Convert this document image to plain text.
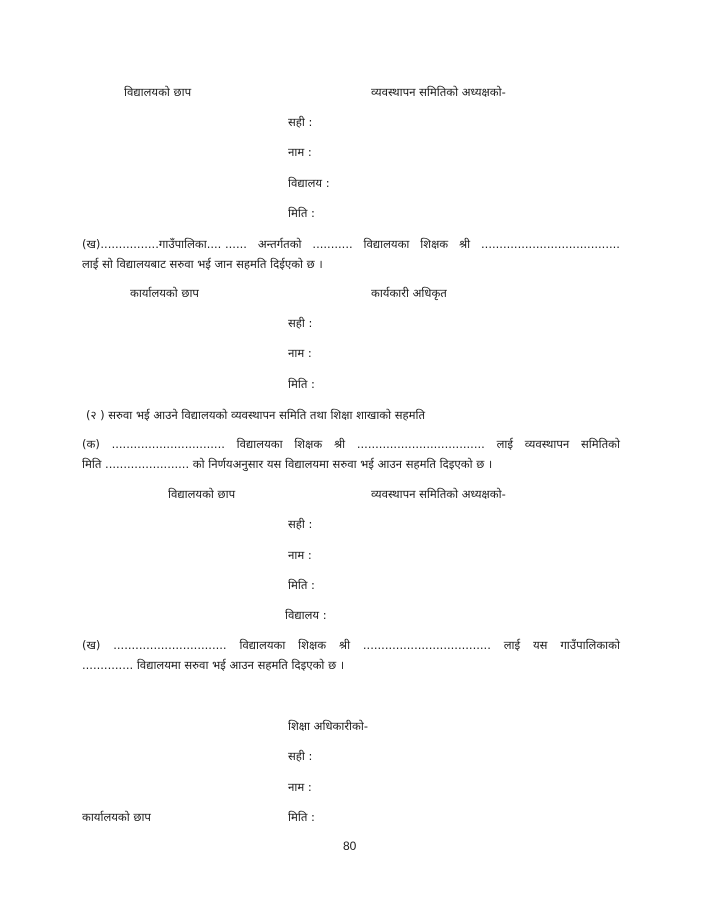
विद्यालयको छाप	व्यवस्थापन समितिको अध्यक्षको-
सही :
नाम :
विद्यालय :
मिति :
(ख)................गाउँपालिका.... ...... अन्तर्गतको ........... विद्यालयका शिक्षक श्री ......................................
लाई सो विद्यालयबाट सरुवा भई जान सहमति दिईएको छ ।
कार्यालयको छाप	कार्यकारी अधिकृत
सही :
नाम :
मिति :
(२ ) सरुवा भई आउने विद्यालयको व्यवस्थापन समिति तथा शिक्षा शाखाको सहमति
(क) ............................... विद्यालयका शिक्षक श्री ................................... लाई व्यवस्थापन समितिको
मिति ....................... को निर्णयअनुसार यस विद्यालयमा सरुवा भई आउन सहमति दिइएको छ ।
विद्यालयको छाप	व्यवस्थापन समितिको अध्यक्षको-
सही :
नाम :
मिति :
विद्यालय :
(ख) ............................... विद्यालयका शिक्षक श्री ................................... लाई यस गाउँपालिकाको
.............. विद्यालयमा सरुवा भई आउन सहमति दिइएको छ ।
शिक्षा अधिकारीको-
सही :
नाम :
कार्यालयको छाप	मिति :
80
